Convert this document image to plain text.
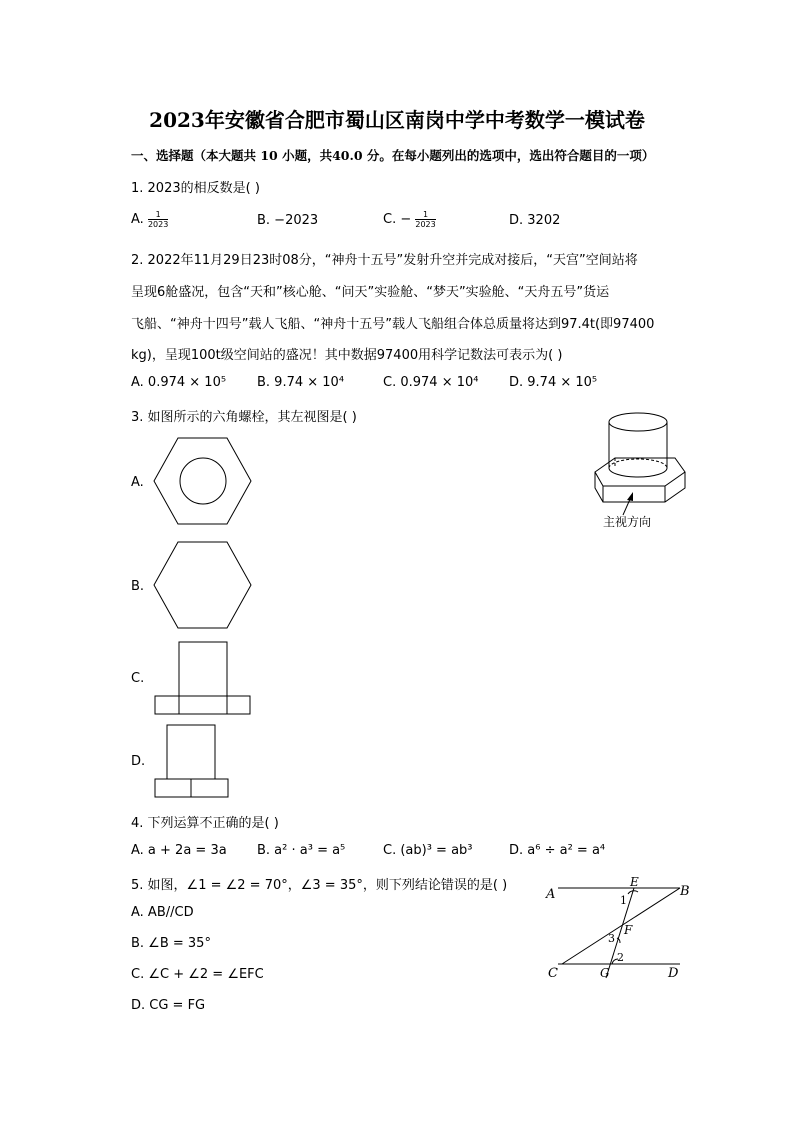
2023年安徽省合肥市蜀山区南岗中学中考数学一模试卷
一、选择题（本大题共 10 小题，共40.0 分。在每小题列出的选项中，选出符合题目的一项）
1. 2023的相反数是( )
A. $\frac{1}{2023}$	B. −2023	C. − $\frac{1}{2023}$	D. 3202
2. 2022年11月29日23时08分，“神舟十五号”发射升空并完成对接后，“天宫”空间站将
呈现6舱盛况，包含“天和”核心舱、“问天”实验舱、“梦天”实验舱、“天舟五号”货运
飞船、“神舟十四号”载人飞船、“神舟十五号”载人飞船组合体总质量将达到97.4t(即97400
kg)，呈现100t级空间站的盛况！其中数据97400用科学记数法可表示为( )
A. 0.974 × 10⁵ B. 9.74 × 10⁴	C. 0.974 × 10⁴ D. 9.74 × 10⁵
3. 如图所示的六角螺栓，其左视图是( )
主视方向
A.
B.
C.
D.
4. 下列运算不正确的是( )
A. a + 2a = 3a B. a² · a³ = a⁵	C. (ab)³ = ab³	D. a⁶ ÷ a² = a⁴
5. 如图，∠1 = ∠2 = 70°，∠3 = 35°，则下列结论错误的是( )
A. AB//CD
B. ∠B = 35°
C. ∠C + ∠2 = ∠EFC
D. CG = FG
A	B
C	D
E
F
G
1
2
3
